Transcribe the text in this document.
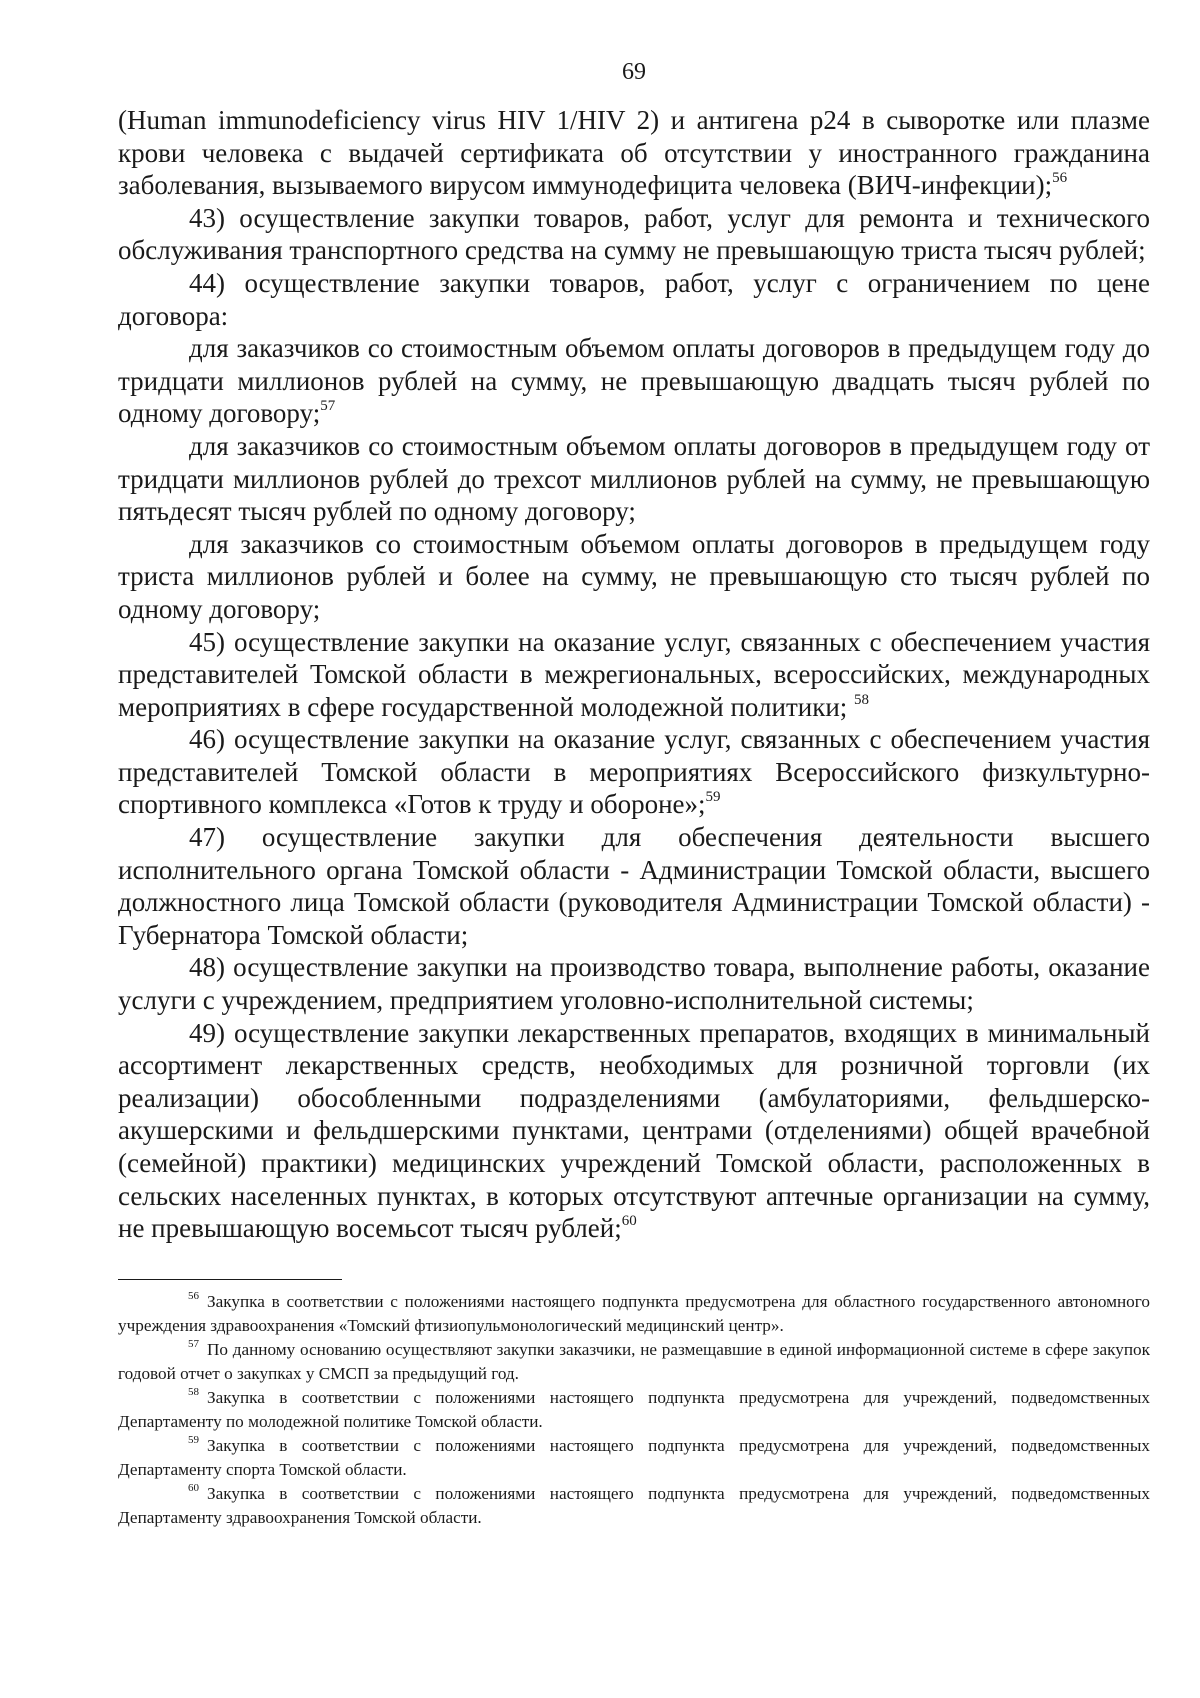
69

(Human immunodeficiency virus HIV 1/HIV 2) и антигена p24 в сыворотке или плазме крови человека с выдачей сертификата об отсутствии у иностранного гражданина заболевания, вызываемого вирусом иммунодефицита человека (ВИЧ-инфекции);$^{56}$

43) осуществление закупки товаров, работ, услуг для ремонта и технического обслуживания транспортного средства на сумму не превышающую триста тысяч рублей;

44) осуществление закупки товаров, работ, услуг с ограничением по цене договора:

для заказчиков со стоимостным объемом оплаты договоров в предыдущем году до тридцати миллионов рублей на сумму, не превышающую двадцать тысяч рублей по одному договору;$^{57}$

для заказчиков со стоимостным объемом оплаты договоров в предыдущем году от тридцати миллионов рублей до трехсот миллионов рублей на сумму, не превышающую пятьдесят тысяч рублей по одному договору;

для заказчиков со стоимостным объемом оплаты договоров в предыдущем году триста миллионов рублей и более на сумму, не превышающую сто тысяч рублей по одному договору;

45) осуществление закупки на оказание услуг, связанных с обеспечением участия представителей Томской области в межрегиональных, всероссийских, международных мероприятиях в сфере государственной молодежной политики; $^{58}$

46) осуществление закупки на оказание услуг, связанных с обеспечением участия представителей Томской области в мероприятиях Всероссийского физкультурно-спортивного комплекса «Готов к труду и обороне»;$^{59}$

47) осуществление закупки для обеспечения деятельности высшего исполнительного органа Томской области - Администрации Томской области, высшего должностного лица Томской области (руководителя Администрации Томской области) - Губернатора Томской области;

48) осуществление закупки на производство товара, выполнение работы, оказание услуги с учреждением, предприятием уголовно-исполнительной системы;

49) осуществление закупки лекарственных препаратов, входящих в минимальный ассортимент лекарственных средств, необходимых для розничной торговли (их реализации) обособленными подразделениями (амбулаториями, фельдшерско-акушерскими и фельдшерскими пунктами, центрами (отделениями) общей врачебной (семейной) практики) медицинских учреждений Томской области, расположенных в сельских населенных пунктах, в которых отсутствуют аптечные организации на сумму, не превышающую восемьсот тысяч рублей;$^{60}$

$^{56}$ Закупка в соответствии с положениями настоящего подпункта предусмотрена для областного государственного автономного учреждения здравоохранения «Томский фтизиопульмонологический медицинский центр».

$^{57}$ По данному основанию осуществляют закупки заказчики, не размещавшие в единой информационной системе в сфере закупок годовой отчет о закупках у СМСП за предыдущий год.

$^{58}$ Закупка в соответствии с положениями настоящего подпункта предусмотрена для учреждений, подведомственных Департаменту по молодежной политике Томской области.

$^{59}$ Закупка в соответствии с положениями настоящего подпункта предусмотрена для учреждений, подведомственных Департаменту спорта Томской области.

$^{60}$ Закупка в соответствии с положениями настоящего подпункта предусмотрена для учреждений, подведомственных Департаменту здравоохранения Томской области.
